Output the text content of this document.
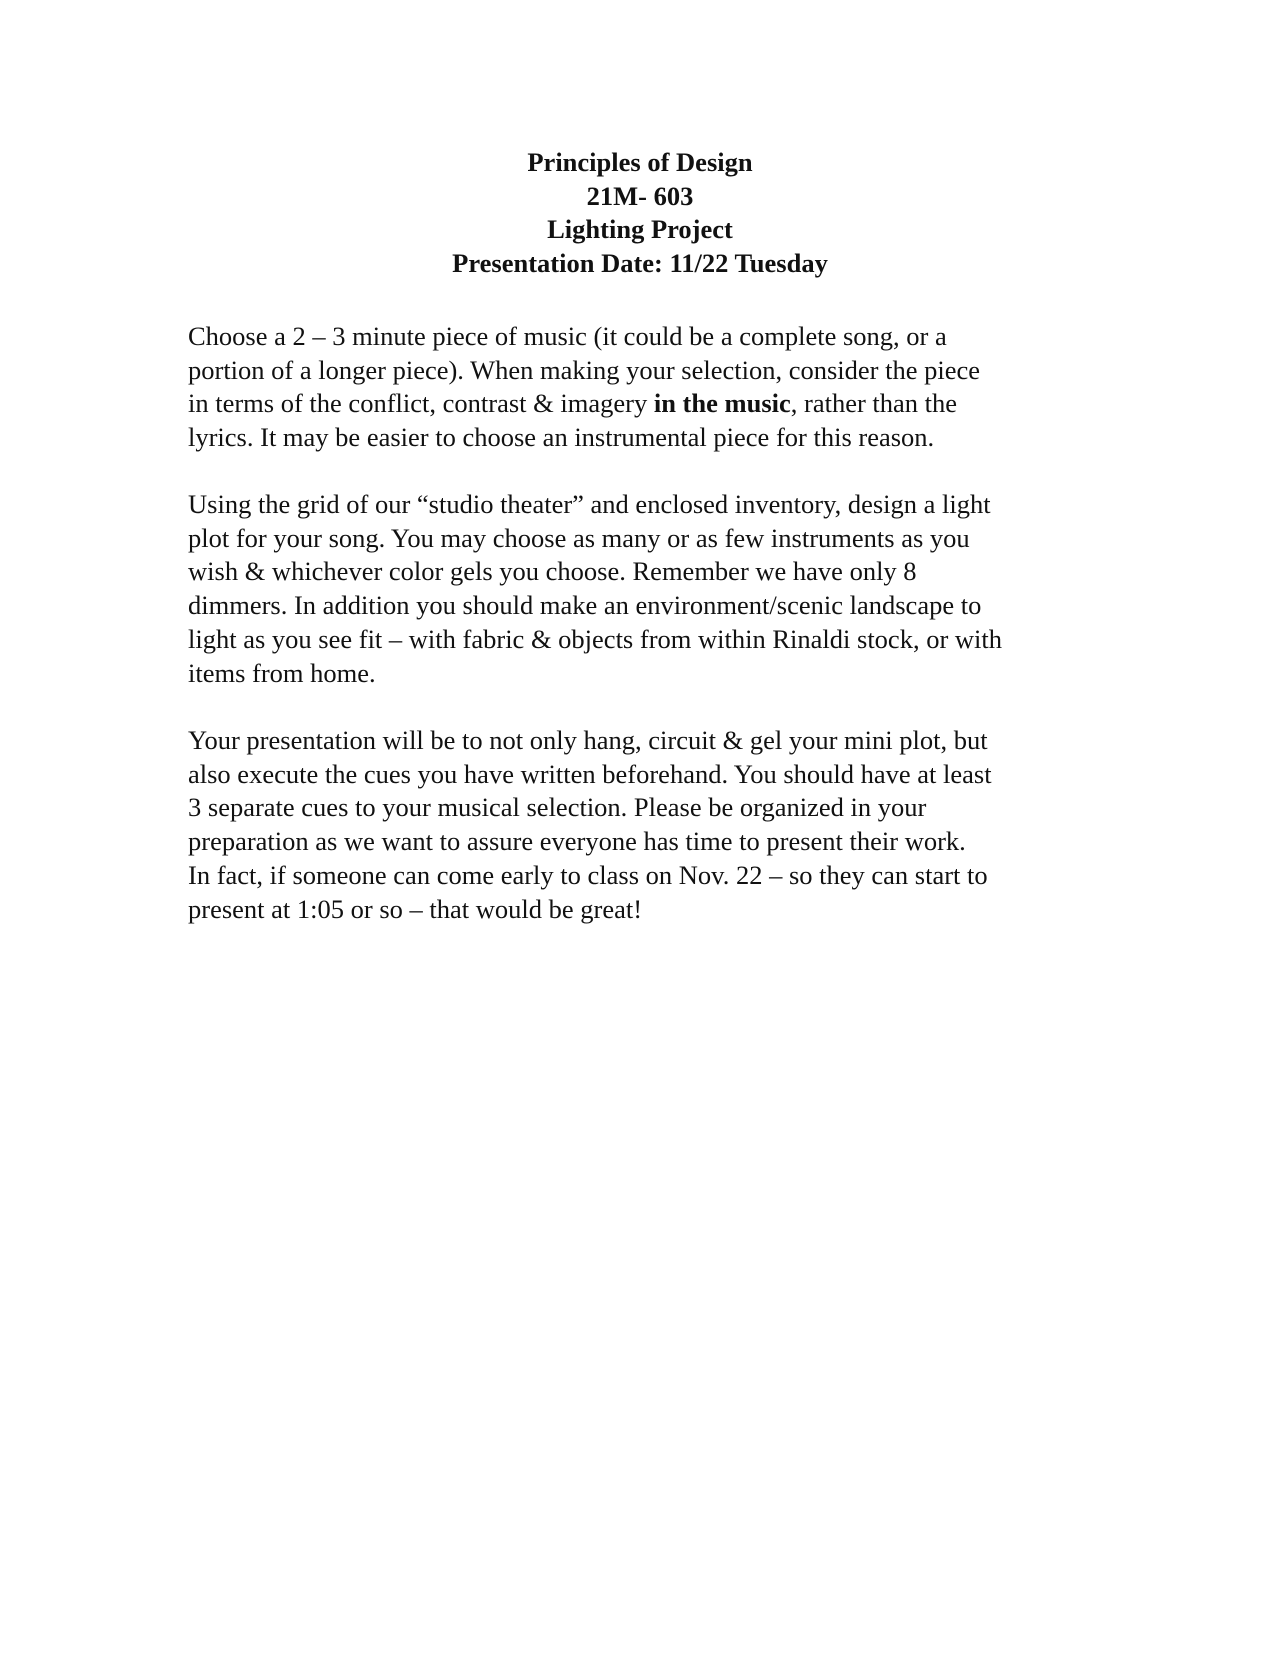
Principles of Design
21M- 603
Lighting Project
Presentation Date: 11/22 Tuesday
Choose a 2 – 3 minute piece of music (it could be a complete song, or a
portion of a longer piece). When making your selection, consider the piece
in terms of the conflict, contrast & imagery in the music, rather than the
lyrics. It may be easier to choose an instrumental piece for this reason.
Using the grid of our “studio theater” and enclosed inventory, design a light
plot for your song. You may choose as many or as few instruments as you
wish & whichever color gels you choose. Remember we have only 8
dimmers. In addition you should make an environment/scenic landscape to
light as you see fit – with fabric & objects from within Rinaldi stock, or with
items from home.
Your presentation will be to not only hang, circuit & gel your mini plot, but
also execute the cues you have written beforehand. You should have at least
3 separate cues to your musical selection. Please be organized in your
preparation as we want to assure everyone has time to present their work.
In fact, if someone can come early to class on Nov. 22 – so they can start to
present at 1:05 or so – that would be great!
